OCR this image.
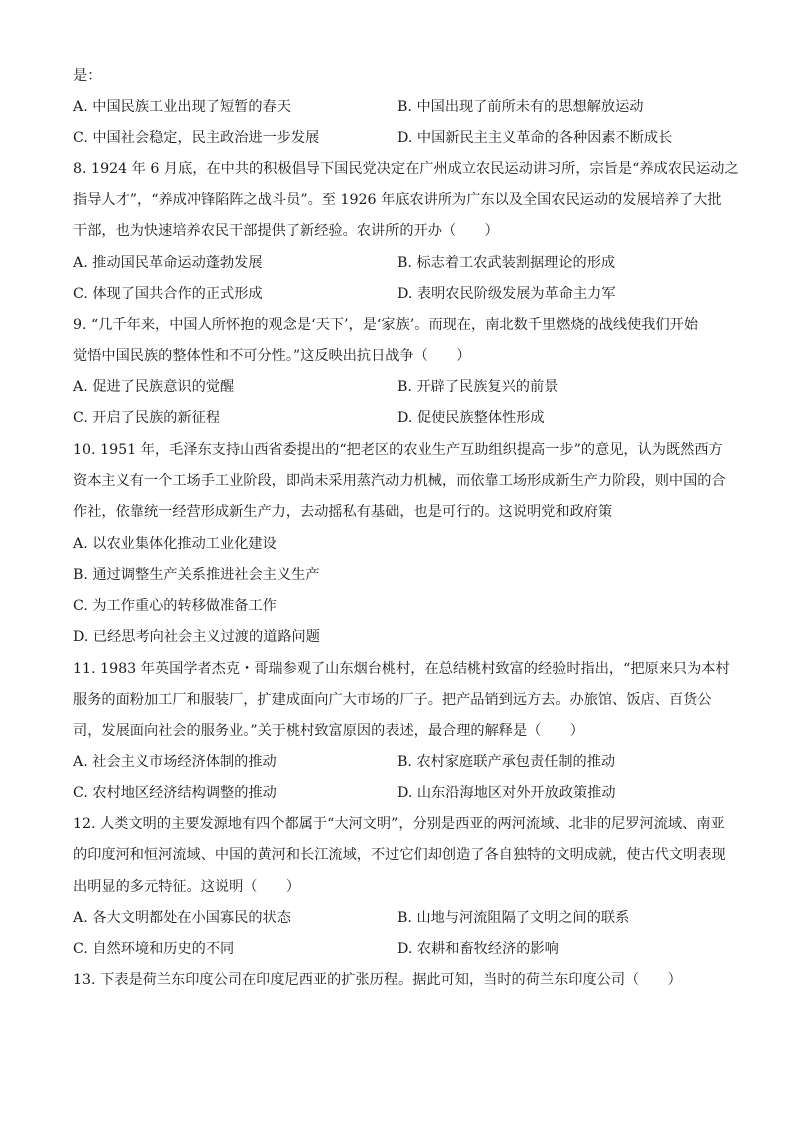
是：
A. 中国民族工业出现了短暂的春天	B. 中国出现了前所未有的思想解放运动
C. 中国社会稳定，民主政治进一步发展	D. 中国新民主主义革命的各种因素不断成长
8. 1924 年 6 月底，在中共的积极倡导下国民党决定在广州成立农民运动讲习所，宗旨是“养成农民运动之
指导人才”，“养成冲锋陷阵之战斗员”。至 1926 年底农讲所为广东以及全国农民运动的发展培养了大批
干部，也为快速培养农民干部提供了新经验。农讲所的开办（　　）
A. 推动国民革命运动蓬勃发展	B. 标志着工农武装割据理论的形成
C. 体现了国共合作的正式形成	D. 表明农民阶级发展为革命主力军
9. “几千年来，中国人所怀抱的观念是‘天下’，是‘家族’。而现在，南北数千里燃烧的战线使我们开始
觉悟中国民族的整体性和不可分性。”这反映出抗日战争（　　）
A. 促进了民族意识的觉醒	B. 开辟了民族复兴的前景
C. 开启了民族的新征程	D. 促使民族整体性形成
10. 1951 年，毛泽东支持山西省委提出的“把老区的农业生产互助组织提高一步”的意见，认为既然西方
资本主义有一个工场手工业阶段，即尚未采用蒸汽动力机械，而依靠工场形成新生产力阶段，则中国的合
作社，依靠统一经营形成新生产力，去动摇私有基础，也是可行的。这说明党和政府策
A. 以农业集体化推动工业化建设
B. 通过调整生产关系推进社会主义生产
C. 为工作重心的转移做准备工作
D. 已经思考向社会主义过渡的道路问题
11. 1983 年英国学者杰克・哥瑞参观了山东烟台桃村，在总结桃村致富的经验时指出，“把原来只为本村
服务的面粉加工厂和服装厂，扩建成面向广大市场的厂子。把产品销到远方去。办旅馆、饭店、百货公
司，发展面向社会的服务业。”关于桃村致富原因的表述，最合理的解释是（　　）
A. 社会主义市场经济体制的推动	B. 农村家庭联产承包责任制的推动
C. 农村地区经济结构调整的推动	D. 山东沿海地区对外开放政策推动
12. 人类文明的主要发源地有四个都属于“大河文明”，分别是西亚的两河流域、北非的尼罗河流域、南亚
的印度河和恒河流域、中国的黄河和长江流域，不过它们却创造了各自独特的文明成就，使古代文明表现
出明显的多元特征。这说明（　　）
A. 各大文明都处在小国寡民的状态	B. 山地与河流阻隔了文明之间的联系
C. 自然环境和历史的不同	D. 农耕和畜牧经济的影响
13. 下表是荷兰东印度公司在印度尼西亚的扩张历程。据此可知，当时的荷兰东印度公司（　　）
